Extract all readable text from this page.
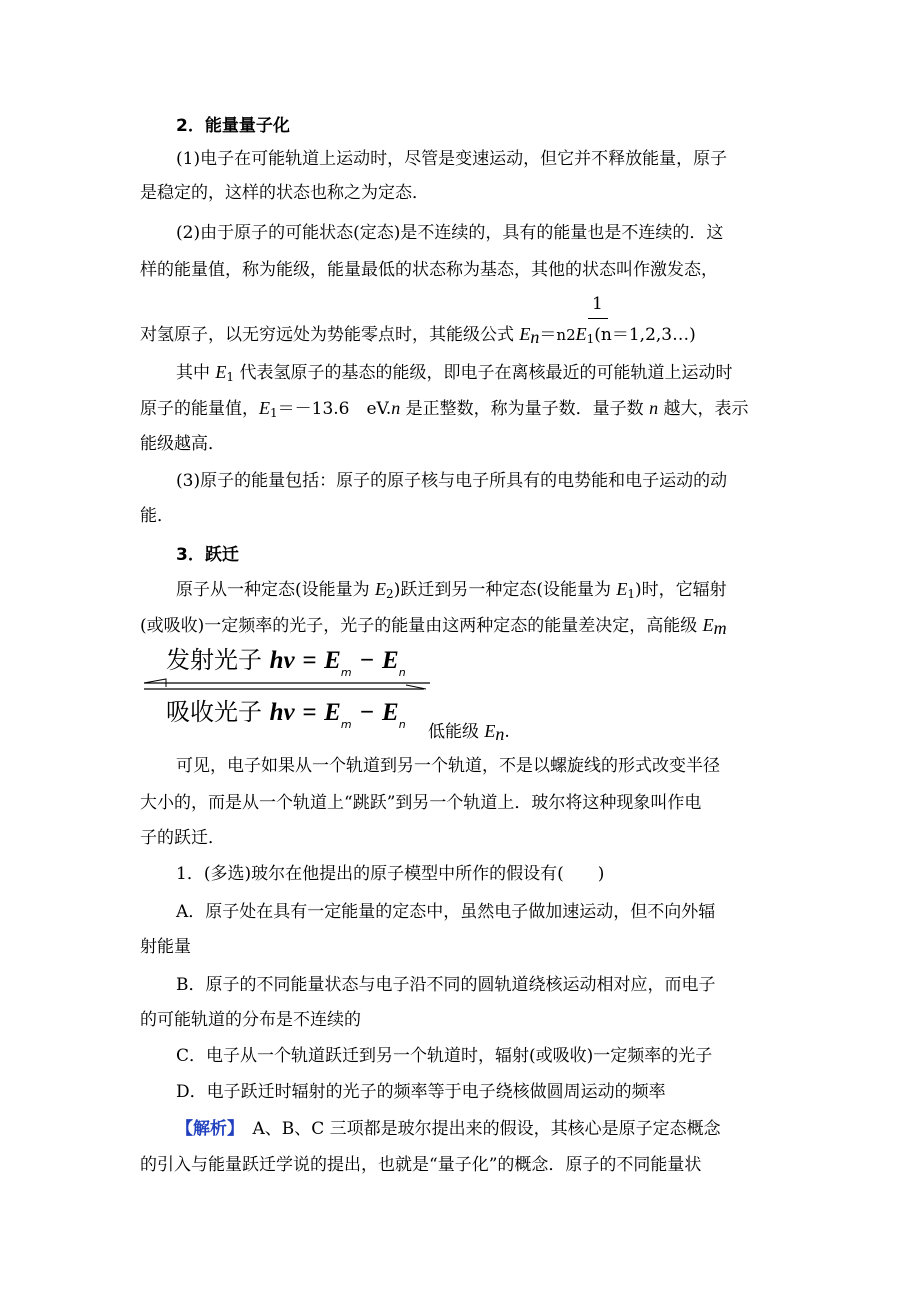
2．能量量子化
(1)电子在可能轨道上运动时，尽管是变速运动，但它并不释放能量，原子
是稳定的，这样的状态也称之为定态．
(2)由于原子的可能状态(定态)是不连续的，具有的能量也是不连续的．这
样的能量值，称为能级，能量最低的状态称为基态，其他的状态叫作激发态，
1
对氢原子，以无穷远处为势能零点时，其能级公式 $E_n=n2E_1(n=1,2,3\dots)$
其中 $E_1$ 代表氢原子的基态的能级，即电子在离核最近的可能轨道上运动时
原子的能量值，$E_1=-13.6$　eV.n 是正整数，称为量子数．量子数 n 越大，表示
能级越高．
(3)原子的能量包括：原子的原子核与电子所具有的电势能和电子运动的动
能．
3．跃迁
原子从一种定态(设能量为 $E_2$)跃迁到另一种定态(设能量为 $E_1$)时，它辐射
(或吸收)一定频率的光子，光子的能量由这两种定态的能量差决定，高能级 $E_m$
发射光子 $h\nu = E_m - E_n$
吸收光子 $h\nu = E_m - E_n$ 低能级 $E_n$.
可见，电子如果从一个轨道到另一个轨道，不是以螺旋线的形式改变半径
大小的，而是从一个轨道上“跳跃”到另一个轨道上．玻尔将这种现象叫作电
子的跃迁．
1．(多选)玻尔在他提出的原子模型中所作的假设有(　　)
A．原子处在具有一定能量的定态中，虽然电子做加速运动，但不向外辐
射能量
B．原子的不同能量状态与电子沿不同的圆轨道绕核运动相对应，而电子
的可能轨道的分布是不连续的
C．电子从一个轨道跃迁到另一个轨道时，辐射(或吸收)一定频率的光子
D．电子跃迁时辐射的光子的频率等于电子绕核做圆周运动的频率
【解析】　A、B、C 三项都是玻尔提出来的假设，其核心是原子定态概念
的引入与能量跃迁学说的提出，也就是“量子化”的概念．原子的不同能量状
